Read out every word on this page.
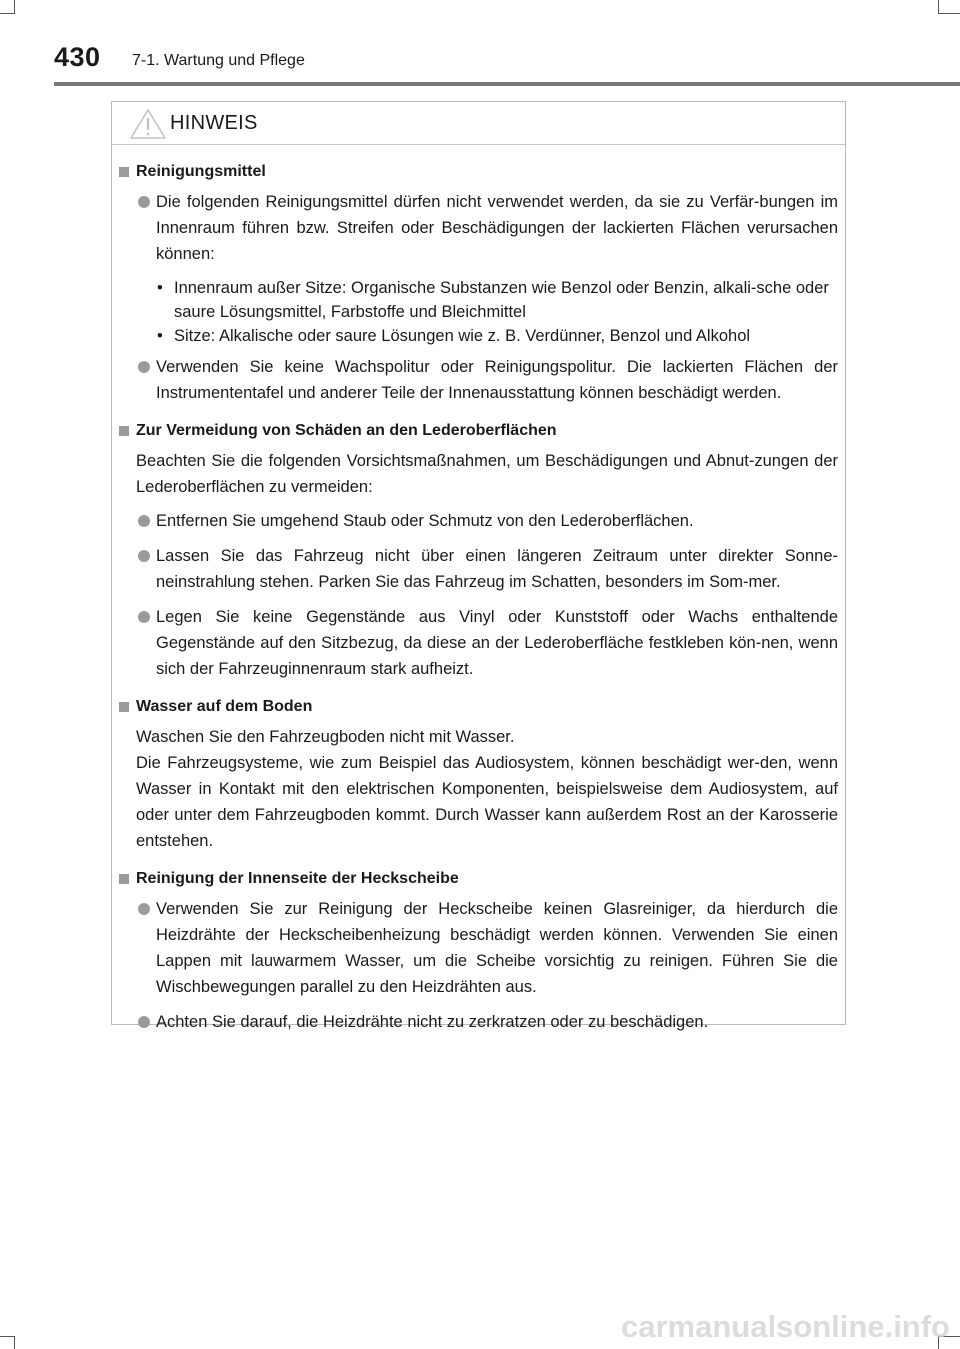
430 7-1. Wartung und Pflege
HINWEIS
Reinigungsmittel
Die folgenden Reinigungsmittel dürfen nicht verwendet werden, da sie zu Verfär-bungen im Innenraum führen bzw. Streifen oder Beschädigungen der lackierten Flächen verursachen können:
• Innenraum außer Sitze: Organische Substanzen wie Benzol oder Benzin, alkali-sche oder saure Lösungsmittel, Farbstoffe und Bleichmittel
• Sitze: Alkalische oder saure Lösungen wie z. B. Verdünner, Benzol und Alkohol
Verwenden Sie keine Wachspolitur oder Reinigungspolitur. Die lackierten Flächen der Instrumententafel und anderer Teile der Innenausstattung können beschädigt werden.
Zur Vermeidung von Schäden an den Lederoberflächen

Beachten Sie die folgenden Vorsichtsmaßnahmen, um Beschädigungen und Abnut-zungen der Lederoberflächen zu vermeiden:

Entfernen Sie umgehend Staub oder Schmutz von den Lederoberflächen.
Lassen Sie das Fahrzeug nicht über einen längeren Zeitraum unter direkter Sonne-neinstrahlung stehen. Parken Sie das Fahrzeug im Schatten, besonders im Som-mer.
Legen Sie keine Gegenstände aus Vinyl oder Kunststoff oder Wachs enthaltende Gegenstände auf den Sitzbezug, da diese an der Lederoberfläche festkleben kön-nen, wenn sich der Fahrzeuginnenraum stark aufheizt.
Wasser auf dem Boden

Waschen Sie den Fahrzeugboden nicht mit Wasser.

Die Fahrzeugsysteme, wie zum Beispiel das Audiosystem, können beschädigt wer-den, wenn Wasser in Kontakt mit den elektrischen Komponenten, beispielsweise dem Audiosystem, auf oder unter dem Fahrzeugboden kommt. Durch Wasser kann außerdem Rost an der Karosserie entstehen.

Reinigung der Innenseite der Heckscheibe
Verwenden Sie zur Reinigung der Heckscheibe keinen Glasreiniger, da hierdurch die Heizdrähte der Heckscheibenheizung beschädigt werden können. Verwenden Sie einen Lappen mit lauwarmem Wasser, um die Scheibe vorsichtig zu reinigen. Führen Sie die Wischbewegungen parallel zu den Heizdrähten aus.
Achten Sie darauf, die Heizdrähte nicht zu zerkratzen oder zu beschädigen.
carmanualsonline.info
